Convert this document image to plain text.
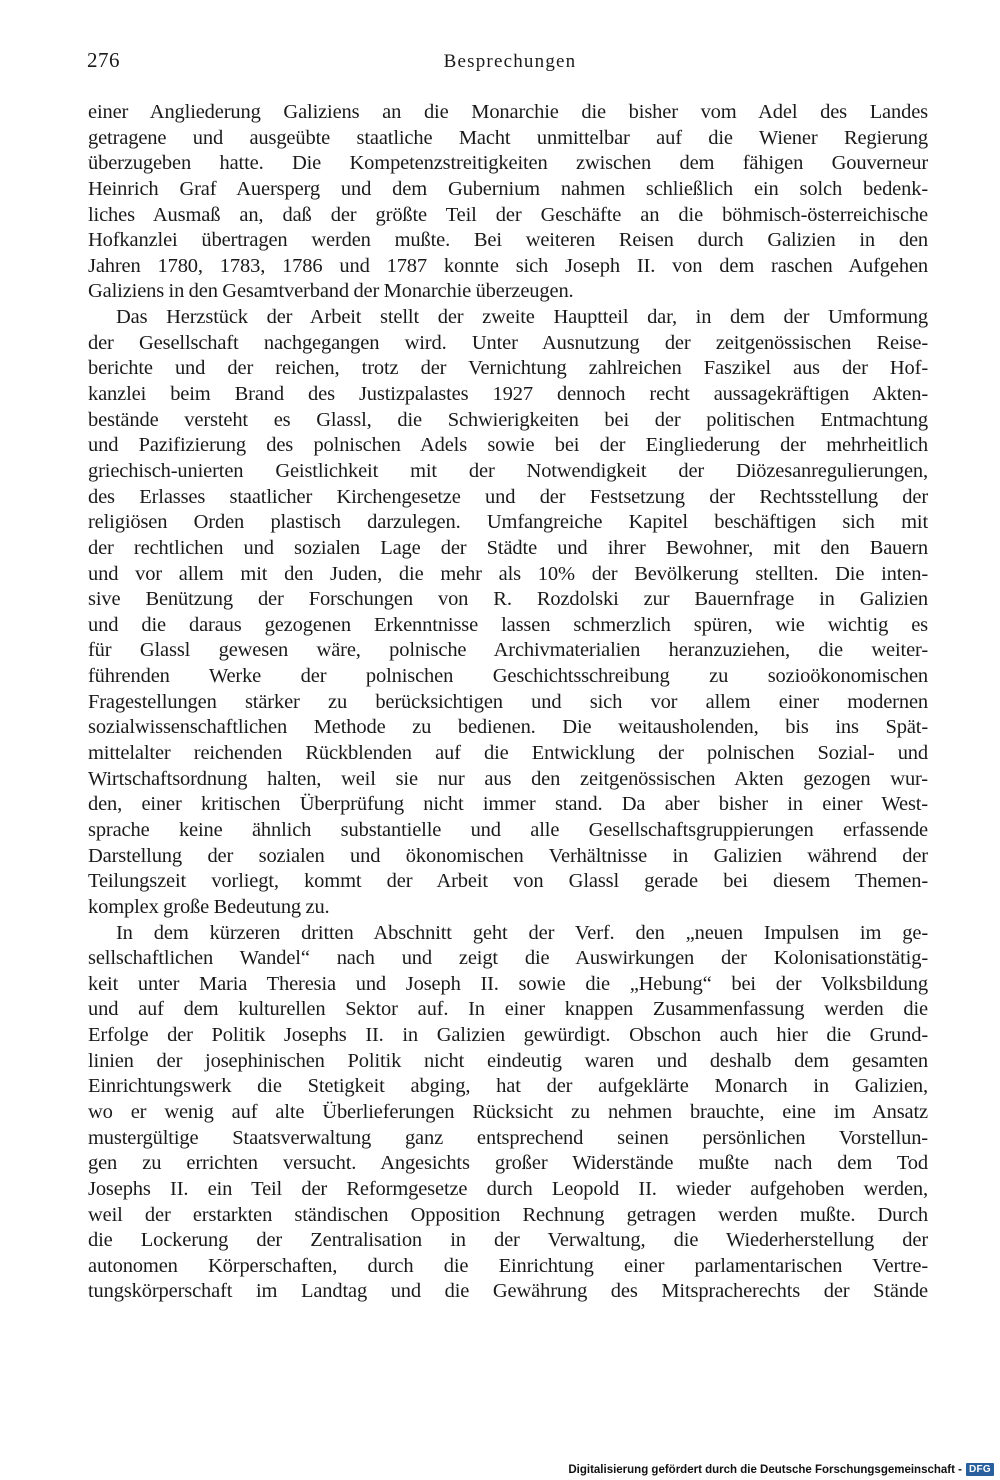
276	Besprechungen
einer Angliederung Galiziens an die Monarchie die bisher vom Adel des Landes
getragene und ausgeübte staatliche Macht unmittelbar auf die Wiener Regierung
überzugeben hatte. Die Kompetenzstreitigkeiten zwischen dem fähigen Gouverneur
Heinrich Graf Auersperg und dem Gubernium nahmen schließlich ein solch bedenk-
liches Ausmaß an, daß der größte Teil der Geschäfte an die böhmisch-österreichische
Hofkanzlei übertragen werden mußte. Bei weiteren Reisen durch Galizien in den
Jahren 1780, 1783, 1786 und 1787 konnte sich Joseph II. von dem raschen Aufgehen
Galiziens in den Gesamtverband der Monarchie überzeugen.
Das Herzstück der Arbeit stellt der zweite Hauptteil dar, in dem der Umformung
der Gesellschaft nachgegangen wird. Unter Ausnutzung der zeitgenössischen Reise-
berichte und der reichen, trotz der Vernichtung zahlreichen Faszikel aus der Hof-
kanzlei beim Brand des Justizpalastes 1927 dennoch recht aussagekräftigen Akten-
bestände versteht es Glassl, die Schwierigkeiten bei der politischen Entmachtung
und Pazifizierung des polnischen Adels sowie bei der Eingliederung der mehrheitlich
griechisch-unierten Geistlichkeit mit der Notwendigkeit der Diözesanregulierungen,
des Erlasses staatlicher Kirchengesetze und der Festsetzung der Rechtsstellung der
religiösen Orden plastisch darzulegen. Umfangreiche Kapitel beschäftigen sich mit
der rechtlichen und sozialen Lage der Städte und ihrer Bewohner, mit den Bauern
und vor allem mit den Juden, die mehr als 10% der Bevölkerung stellten. Die inten-
sive Benützung der Forschungen von R. Rozdolski zur Bauernfrage in Galizien
und die daraus gezogenen Erkenntnisse lassen schmerzlich spüren, wie wichtig es
für Glassl gewesen wäre, polnische Archivmaterialien heranzuziehen, die weiter-
führenden Werke der polnischen Geschichtsschreibung zu sozioökonomischen
Fragestellungen stärker zu berücksichtigen und sich vor allem einer modernen
sozialwissenschaftlichen Methode zu bedienen. Die weitausholenden, bis ins Spät-
mittelalter reichenden Rückblenden auf die Entwicklung der polnischen Sozial- und
Wirtschaftsordnung halten, weil sie nur aus den zeitgenössischen Akten gezogen wur-
den, einer kritischen Überprüfung nicht immer stand. Da aber bisher in einer West-
sprache keine ähnlich substantielle und alle Gesellschaftsgruppierungen erfassende
Darstellung der sozialen und ökonomischen Verhältnisse in Galizien während der
Teilungszeit vorliegt, kommt der Arbeit von Glassl gerade bei diesem Themen-
komplex große Bedeutung zu.
In dem kürzeren dritten Abschnitt geht der Verf. den „neuen Impulsen im ge-
sellschaftlichen Wandel“ nach und zeigt die Auswirkungen der Kolonisationstätig-
keit unter Maria Theresia und Joseph II. sowie die „Hebung“ bei der Volksbildung
und auf dem kulturellen Sektor auf. In einer knappen Zusammenfassung werden die
Erfolge der Politik Josephs II. in Galizien gewürdigt. Obschon auch hier die Grund-
linien der josephinischen Politik nicht eindeutig waren und deshalb dem gesamten
Einrichtungswerk die Stetigkeit abging, hat der aufgeklärte Monarch in Galizien,
wo er wenig auf alte Überlieferungen Rücksicht zu nehmen brauchte, eine im Ansatz
mustergültige Staatsverwaltung ganz entsprechend seinen persönlichen Vorstellun-
gen zu errichten versucht. Angesichts großer Widerstände mußte nach dem Tod
Josephs II. ein Teil der Reformgesetze durch Leopold II. wieder aufgehoben werden,
weil der erstarkten ständischen Opposition Rechnung getragen werden mußte. Durch
die Lockerung der Zentralisation in der Verwaltung, die Wiederherstellung der
autonomen Körperschaften, durch die Einrichtung einer parlamentarischen Vertre-
tungskörperschaft im Landtag und die Gewährung des Mitspracherechts der Stände
Digitalisierung gefördert durch die Deutsche Forschungsgemeinschaft - DFG
